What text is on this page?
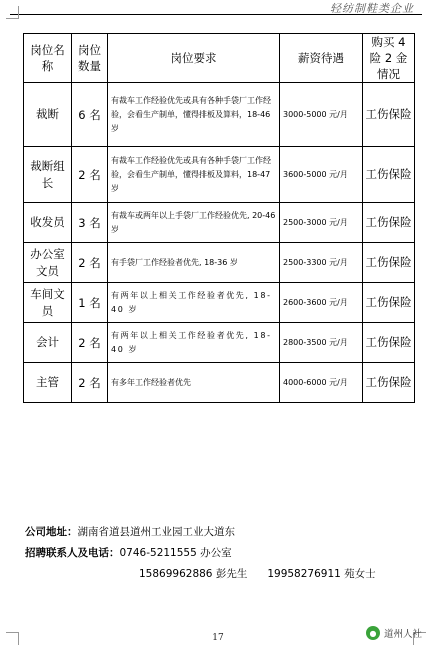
轻纺制鞋类企业
岗位名称	岗位数量	岗位要求	薪资待遇	购买 4 险 2 金情况
裁断	6 名	有裁车工作经验优先或具有各种手袋厂工作经验，会看生产制单，懂得排板及算料，18-46 岁	3000-5000 元/月	工伤保险
裁断组长	2 名	有裁车工作经验优先或具有各种手袋厂工作经验，会看生产制单，懂得排板及算料，18-47 岁	3600-5000 元/月	工伤保险
收发员	3 名	有裁车或两年以上手袋厂工作经验优先, 20-46 岁	2500-3000 元/月	工伤保险
办公室文员	2 名	有手袋厂工作经验者优先, 18-36 岁	2500-3300 元/月	工伤保险
车间文员	1 名	有两年以上相关工作经验者优先, 18-40 岁	2600-3600 元/月	工伤保险
会计	2 名	有两年以上相关工作经验者优先, 18-40 岁	2800-3500 元/月	工伤保险
主管	2 名	有多年工作经验者优先	4000-6000 元/月	工伤保险
公司地址：湖南省道县道州工业园工业大道东
招聘联系人及电话：0746-5211555 办公室
15869962886 彭先生 19958276911 苑女士
17	● 道州人社
